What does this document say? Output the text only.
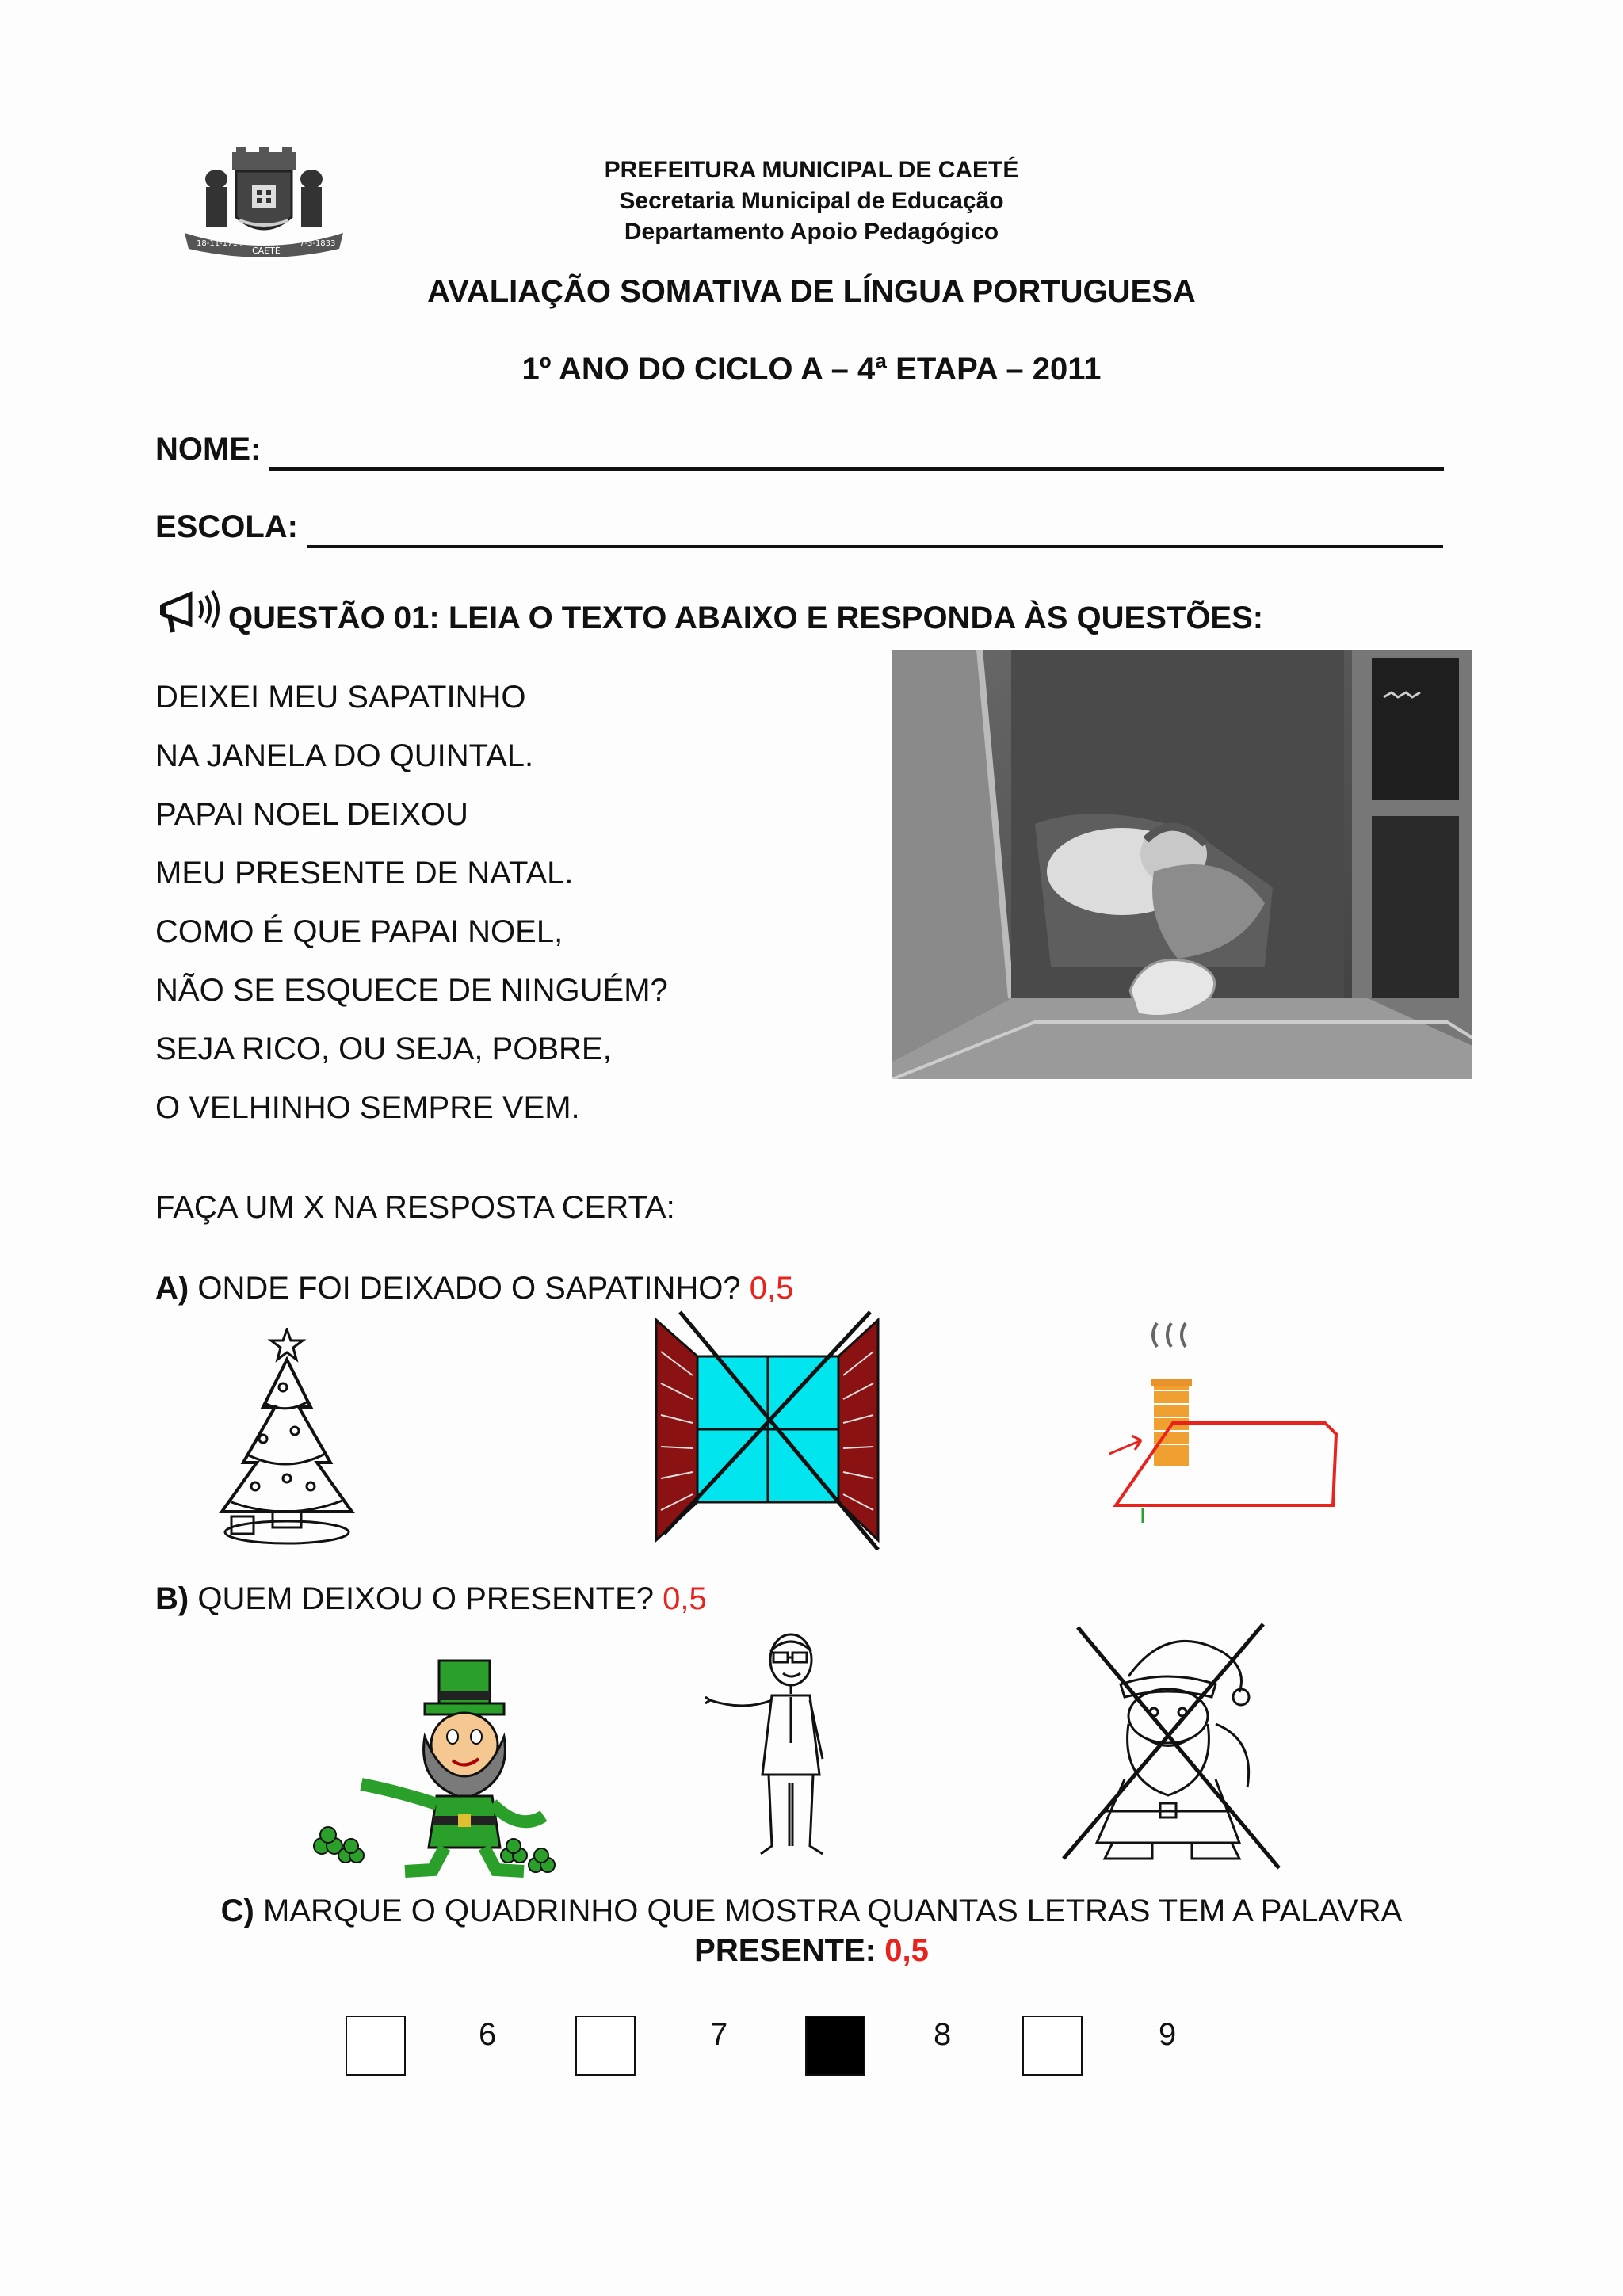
18-11-1714
CAETÉ
7-3-1833
PREFEITURA MUNICIPAL DE CAETÉ
Secretaria Municipal de Educação
Departamento Apoio Pedagógico
AVALIAÇÃO SOMATIVA DE LÍNGUA PORTUGUESA
1º ANO DO CICLO A – 4ª ETAPA – 2011
NOME:
ESCOLA:
QUESTÃO 01: LEIA O TEXTO ABAIXO E RESPONDA ÀS QUESTÕES:
DEIXEI MEU SAPATINHO
NA JANELA DO QUINTAL.
PAPAI NOEL DEIXOU
MEU PRESENTE DE NATAL.
COMO É QUE PAPAI NOEL,
NÃO SE ESQUECE DE NINGUÉM?
SEJA RICO, OU SEJA, POBRE,
O VELHINHO SEMPRE VEM.
FAÇA UM X NA RESPOSTA CERTA:
A) ONDE FOI DEIXADO O SAPATINHO? 0,5
B) QUEM DEIXOU O PRESENTE? 0,5
C) MARQUE O QUADRINHO QUE MOSTRA QUANTAS LETRAS TEM A PALAVRA
PRESENTE: 0,5
6	7	8	9
